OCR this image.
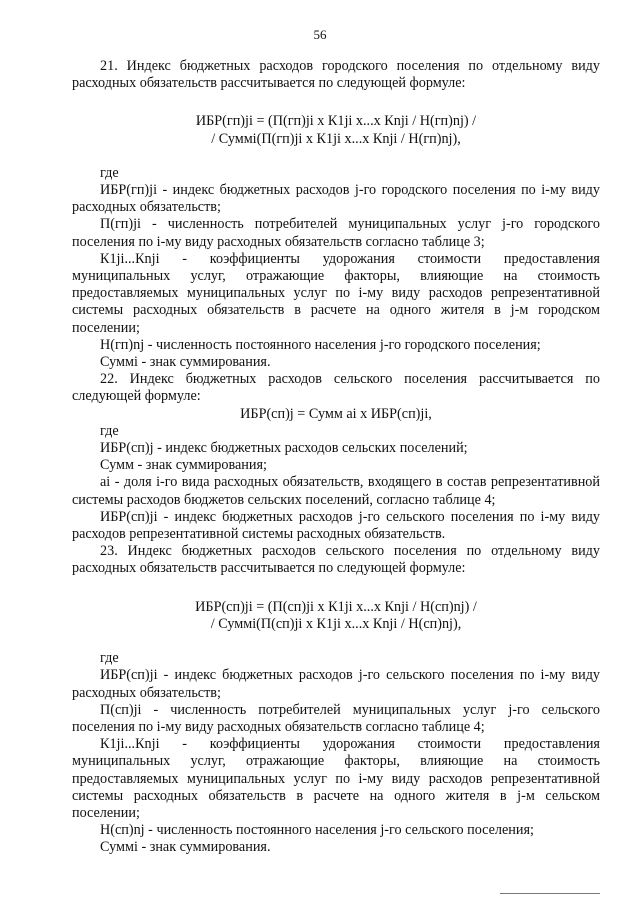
56

21. Индекс бюджетных расходов городского поселения по отдельному виду расходных обязательств рассчитывается по следующей формуле:

ИБР(гп)ji = (П(гп)ji х К1ji х...х Кnji / Н(гп)nj) /

/ Суммi(П(гп)ji х К1ji х...х Кnji / Н(гп)nj),

где

ИБР(гп)ji - индекс бюджетных расходов j-го городского поселения по i-му виду расходных обязательств;

П(гп)ji - численность потребителей муниципальных услуг j-го городского поселения по i-му виду расходных обязательств согласно таблице 3;

К1ji...Кnji - коэффициенты удорожания стоимости предоставления

муниципальных услуг, отражающие факторы, влияющие на стоимость предоставляемых муниципальных услуг по i-му виду расходов репрезентативной системы расходных обязательств в расчете на одного жителя в j-м городском поселении;

Н(гп)nj - численность постоянного населения j-го городского поселения;

Суммi - знак суммирования.

22. Индекс бюджетных расходов сельского поселения рассчитывается по следующей формуле:

ИБР(сп)j = Сумм ai х ИБР(сп)ji,

где

ИБР(сп)j - индекс бюджетных расходов сельских поселений;

Сумм - знак суммирования;

ai - доля i-го вида расходных обязательств, входящего в состав репрезентативной системы расходов бюджетов сельских поселений, согласно таблице 4;

ИБР(сп)ji - индекс бюджетных расходов j-го сельского поселения по i-му виду расходов репрезентативной системы расходных обязательств.

23. Индекс бюджетных расходов сельского поселения по отдельному виду расходных обязательств рассчитывается по следующей формуле:

ИБР(сп)ji = (П(сп)ji х К1ji х...х Кnji / Н(сп)nj) /

/ Суммi(П(сп)ji х К1ji х...х Кnji / Н(сп)nj),

где

ИБР(сп)ji - индекс бюджетных расходов j-го сельского поселения по i-му виду расходных обязательств;

П(сп)ji - численность потребителей муниципальных услуг j-го сельского поселения по i-му виду расходных обязательств согласно таблице 4;

К1ji...Кnji - коэффициенты удорожания стоимости предоставления

муниципальных услуг, отражающие факторы, влияющие на стоимость предоставляемых муниципальных услуг по i-му виду расходов репрезентативной системы расходных обязательств в расчете на одного жителя в j-м сельском поселении;

Н(сп)nj - численность постоянного населения j-го сельского поселения;

Суммi - знак суммирования.
